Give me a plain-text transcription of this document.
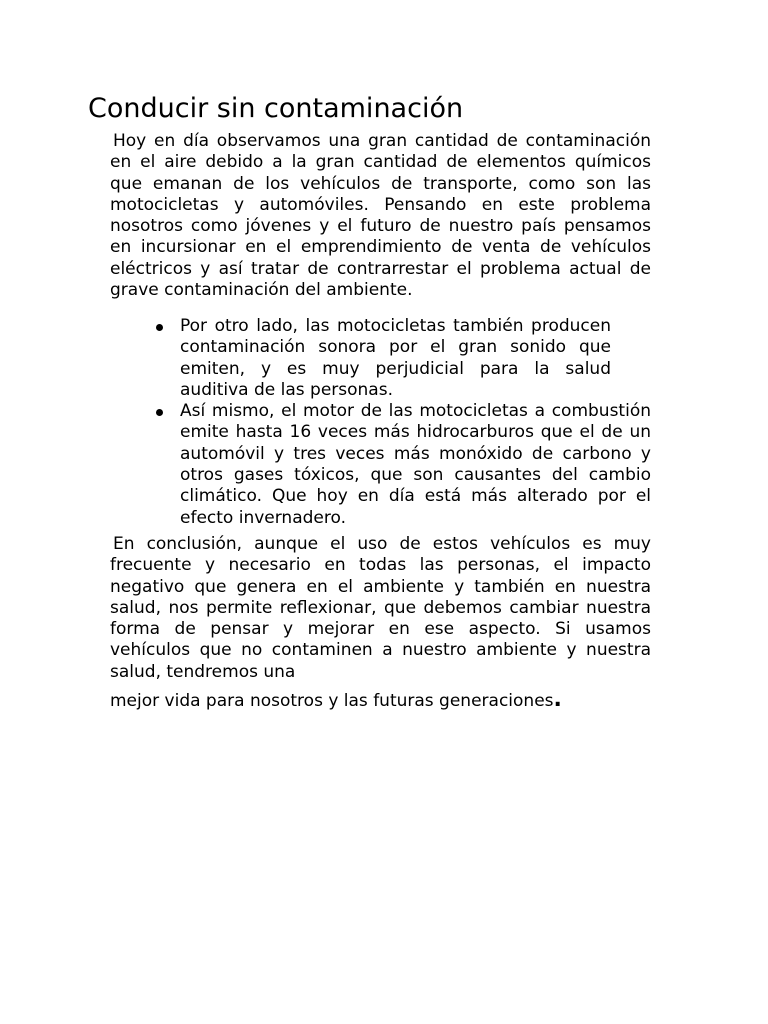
Conducir sin contaminación

Hoy en día observamos una gran cantidad de contaminación en el aire debido a la gran cantidad de elementos químicos que emanan de los vehículos de transporte, como son las motocicletas y automóviles. Pensando en este problema nosotros como jóvenes y el futuro de nuestro país pensamos en incursionar en el emprendimiento de venta de vehículos eléctricos y así tratar de contrarrestar el problema actual de grave contaminación del ambiente.

Por otro lado, las motocicletas también producen contaminación sonora por el gran sonido que emiten, y es muy perjudicial para la salud auditiva de las personas.
Así mismo, el motor de las motocicletas a combustión emite hasta 16 veces más hidrocarburos que el de un automóvil y tres veces más monóxido de carbono y otros gases tóxicos, que son causantes del cambio climático. Que hoy en día está más alterado por el efecto invernadero.

En conclusión, aunque el uso de estos vehículos es muy frecuente y necesario en todas las personas, el impacto negativo que genera en el ambiente y también en nuestra salud, nos permite reflexionar, que debemos cambiar nuestra forma de pensar y mejorar en ese aspecto. Si usamos vehículos que no contaminen a nuestro ambiente y nuestra salud, tendremos una
mejor vida para nosotros y las futuras generaciones.
